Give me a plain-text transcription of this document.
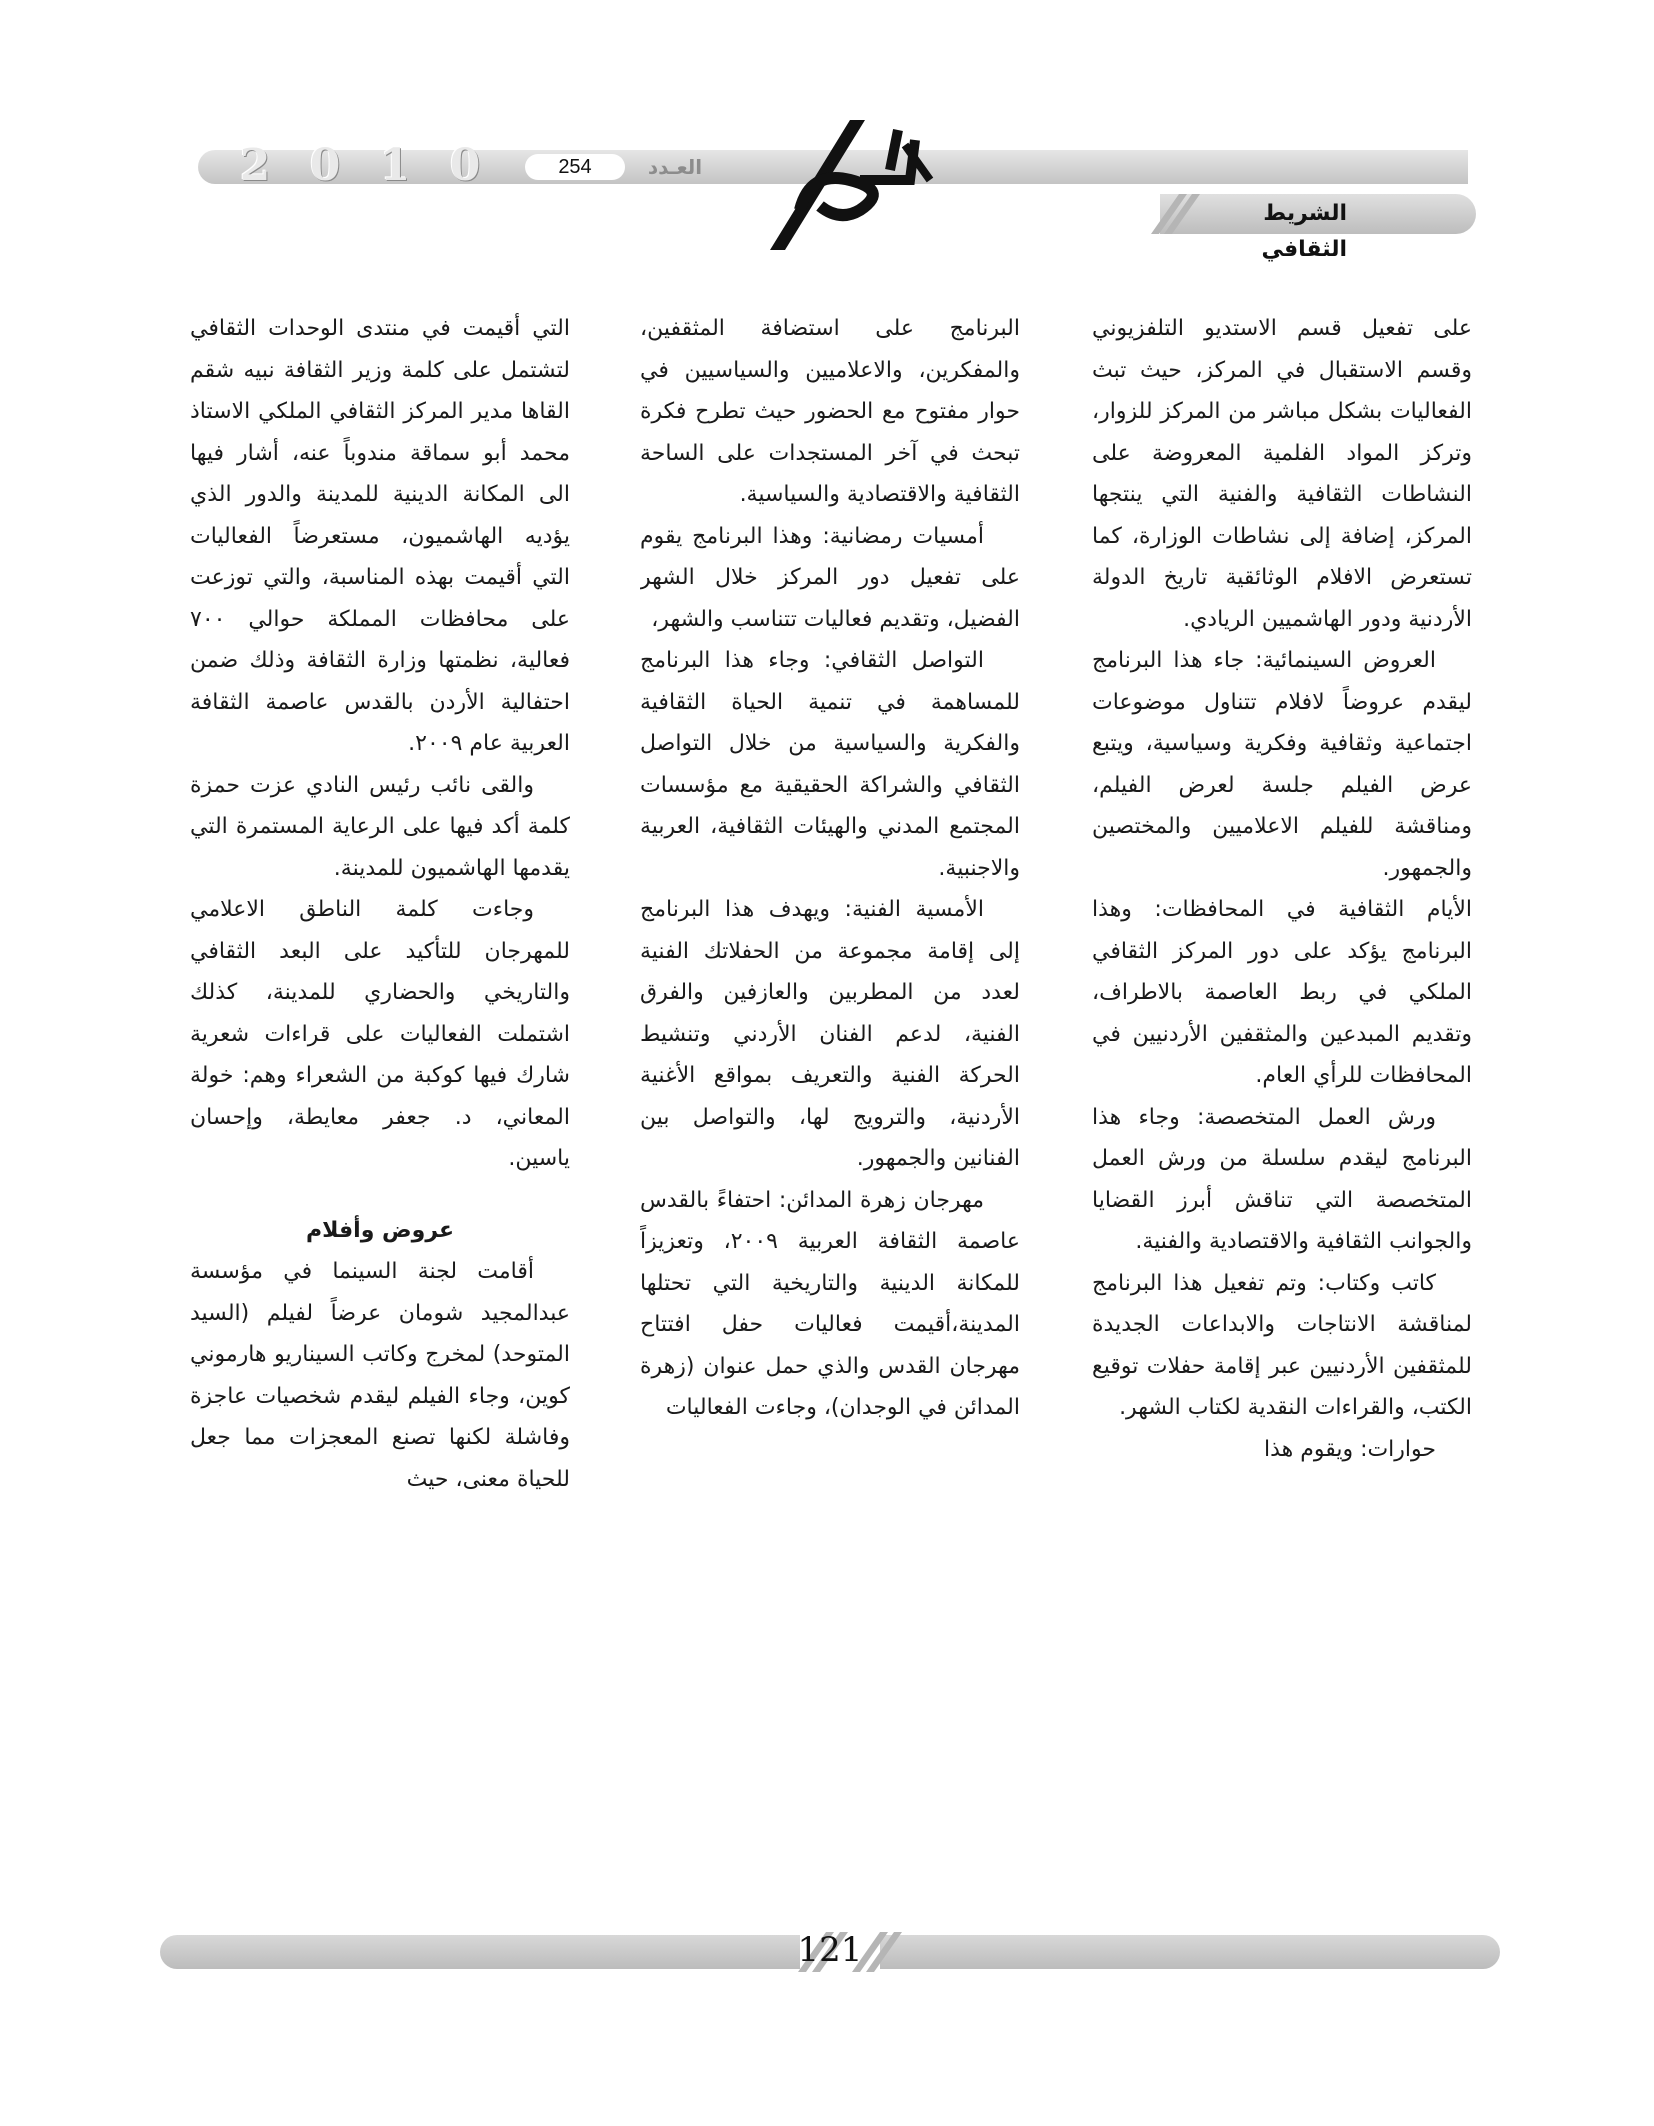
2 0 1 0	254	العـدد
الشريط الثقافي

على تفعيل قسم الاستديو التلفزيوني وقسم الاستقبال في المركز، حيث تبث الفعاليات بشكل مباشر من المركز للزوار، وتركز المواد الفلمية المعروضة على النشاطات الثقافية والفنية التي ينتجها المركز، إضافة إلى نشاطات الوزارة، كما تستعرض الافلام الوثائقية تاريخ الدولة الأردنية ودور الهاشميين الريادي.

العروض السينمائية: جاء هذا البرنامج ليقدم عروضاً لافلام تتناول موضوعات اجتماعية وثقافية وفكرية وسياسية، ويتبع عرض الفيلم جلسة لعرض الفيلم، ومناقشة للفيلم الاعلاميين والمختصين والجمهور.

الأيام الثقافية في المحافظات: وهذا البرنامج يؤكد على دور المركز الثقافي الملكي في ربط العاصمة بالاطراف، وتقديم المبدعين والمثقفين الأردنيين في المحافظات للرأي العام.

ورش العمل المتخصصة: وجاء هذا البرنامج ليقدم سلسلة من ورش العمل المتخصصة التي تناقش أبرز القضايا والجوانب الثقافية والاقتصادية والفنية.

كاتب وكتاب: وتم تفعيل هذا البرنامج لمناقشة الانتاجات والابداعات الجديدة للمثقفين الأردنيين عبر إقامة حفلات توقيع الكتب، والقراءات النقدية لكتاب الشهر.

حوارات: ويقوم هذا

البرنامج على استضافة المثقفين، والمفكرين، والاعلاميين والسياسيين في حوار مفتوح مع الحضور حيث تطرح فكرة تبحث في آخر المستجدات على الساحة الثقافية والاقتصادية والسياسية.

أمسيات رمضانية: وهذا البرنامج يقوم على تفعيل دور المركز خلال الشهر الفضيل، وتقديم فعاليات تتناسب والشهر،

التواصل الثقافي: وجاء هذا البرنامج للمساهمة في تنمية الحياة الثقافية والفكرية والسياسية من خلال التواصل الثقافي والشراكة الحقيقية مع مؤسسات المجتمع المدني والهيئات الثقافية، العربية والاجنبية.

الأمسية الفنية: ويهدف هذا البرنامج إلى إقامة مجموعة من الحفلاتك الفنية لعدد من المطربين والعازفين والفرق الفنية، لدعم الفنان الأردني وتنشيط الحركة الفنية والتعريف بمواقع الأغنية الأردنية، والترويج لها، والتواصل بين الفنانين والجمهور.

مهرجان زهرة المدائن: احتفاءً بالقدس عاصمة الثقافة العربية ٢٠٠٩، وتعزيزاً للمكانة الدينية والتاريخية التي تحتلها المدينة،أقيمت فعاليات حفل افتتاح مهرجان القدس والذي حمل عنوان (زهرة المدائن في الوجدان)، وجاءت الفعاليات

التي أقيمت في منتدى الوحدات الثقافي لتشتمل على كلمة وزير الثقافة نبيه شقم القاها مدير المركز الثقافي الملكي الاستاذ محمد أبو سماقة مندوباً عنه، أشار فيها الى المكانة الدينية للمدينة والدور الذي يؤديه الهاشميون، مستعرضاً الفعاليات التي أقيمت بهذه المناسبة، والتي توزعت على محافظات المملكة حوالي ٧٠٠ فعالية، نظمتها وزارة الثقافة وذلك ضمن احتفالية الأردن بالقدس عاصمة الثقافة العربية عام ٢٠٠٩.

والقى نائب رئيس النادي عزت حمزة كلمة أكد فيها على الرعاية المستمرة التي يقدمها الهاشميون للمدينة.

وجاءت كلمة الناطق الاعلامي للمهرجان للتأكيد على البعد الثقافي والتاريخي والحضاري للمدينة، كذلك اشتملت الفعاليات على قراءات شعرية شارك فيها كوكبة من الشعراء وهم: خولة المعاني، د. جعفر معايطة، وإحسان ياسين.

عروض وأفلام

أقامت لجنة السينما في مؤسسة عبدالمجيد شومان عرضاً لفيلم (السيد المتوحد) لمخرج وكاتب السيناريو هارموني كوين، وجاء الفيلم ليقدم شخصيات عاجزة وفاشلة لكنها تصنع المعجزات مما جعل للحياة معنى، حيث

121
